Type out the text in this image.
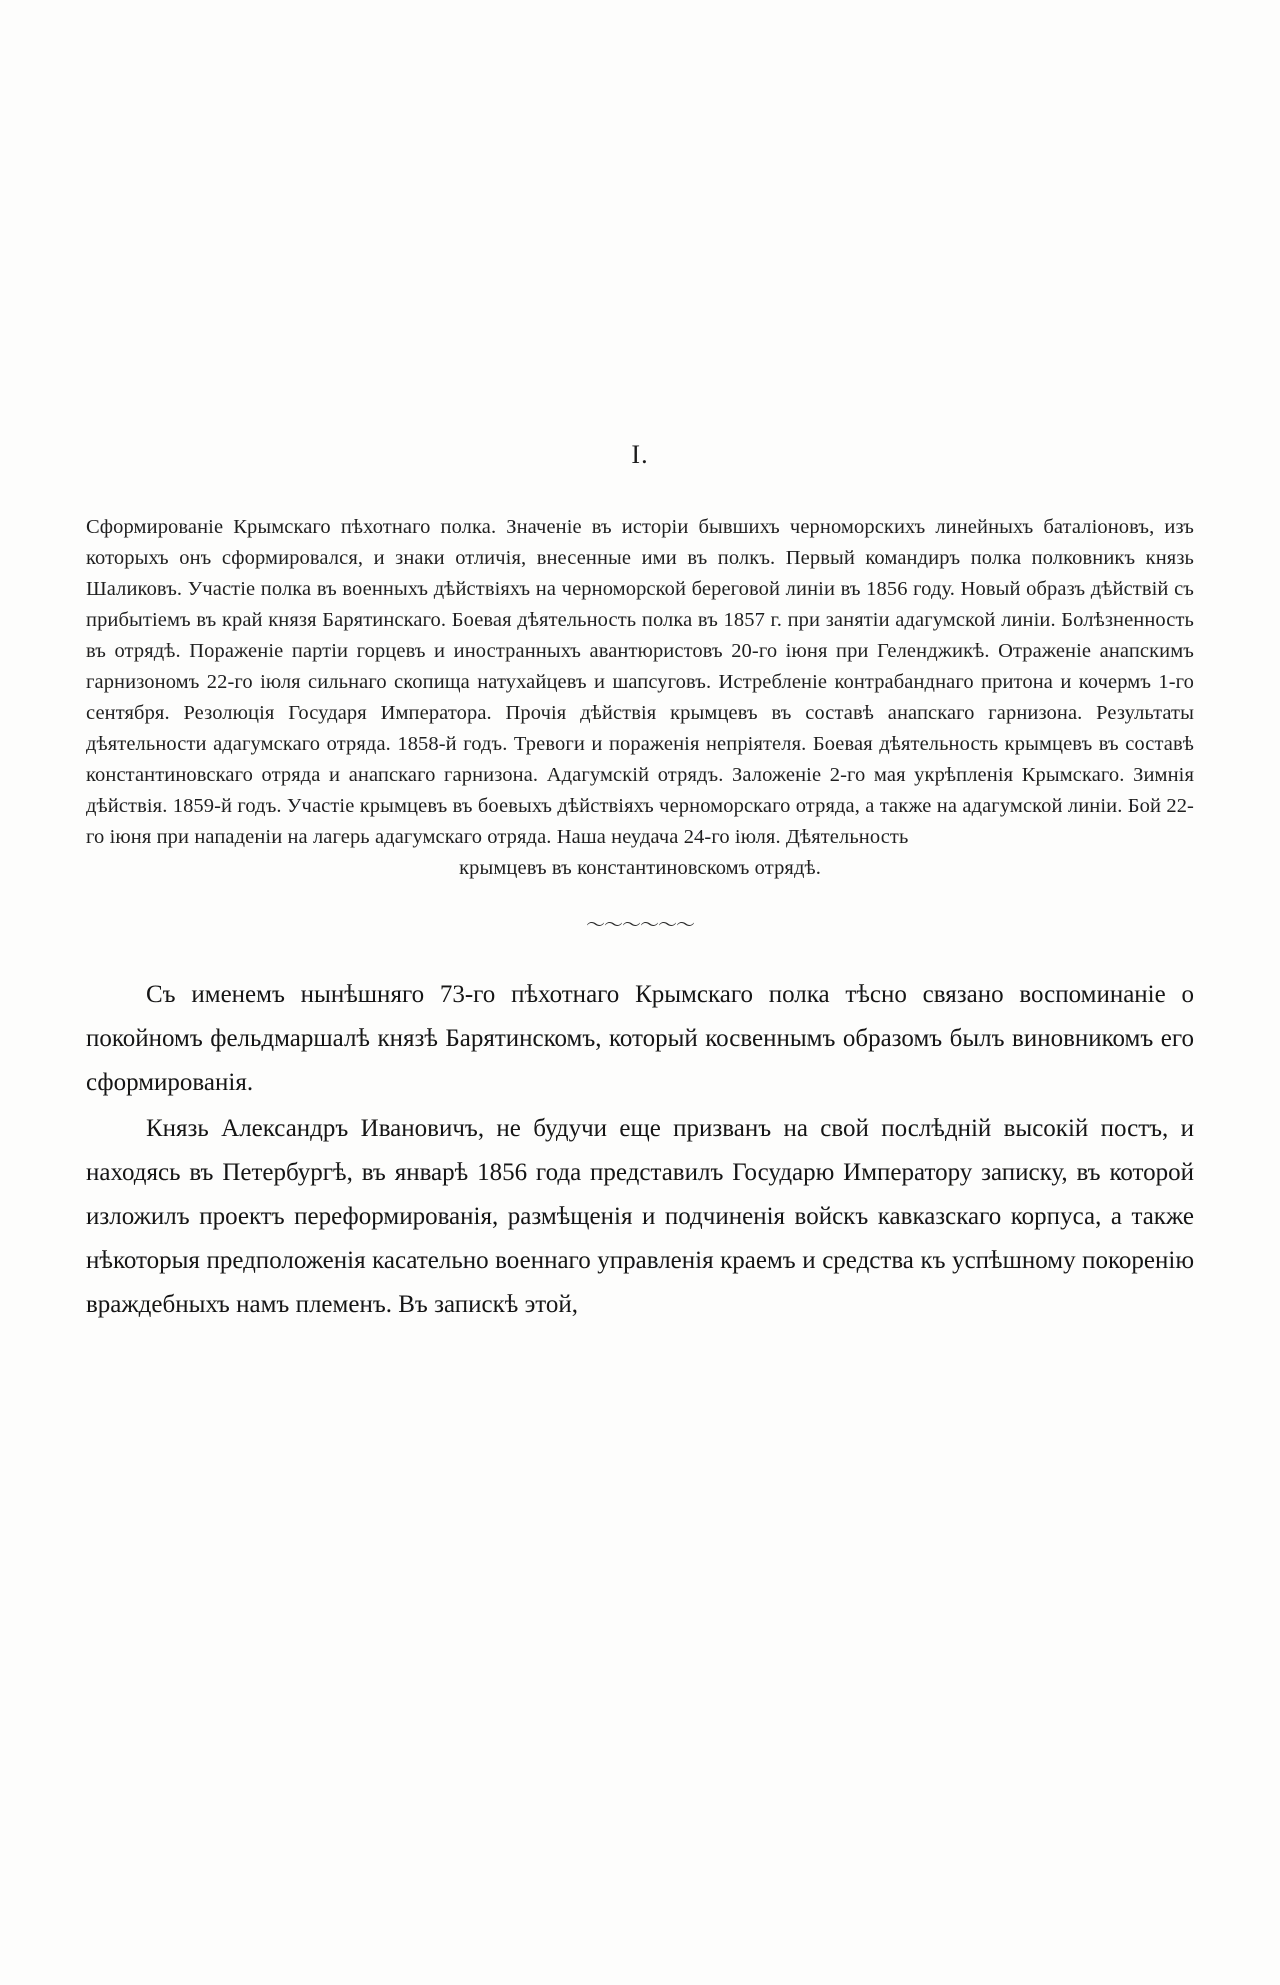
I.

Сформированіе Крымскаго пѣхотнаго полка. Значеніе въ исторіи бывшихъ черноморскихъ линейныхъ баталіоновъ, изъ которыхъ онъ сформировался, и знаки отличія, внесенные ими въ полкъ. Первый командиръ полка полковникъ князь Шаликовъ. Участіе полка въ военныхъ дѣйствіяхъ на черноморской береговой линіи въ 1856 году. Новый образъ дѣйствій съ прибытіемъ въ край князя Барятинскаго. Боевая дѣятельность полка въ 1857 г. при занятіи адагумской линіи. Болѣзненность въ отрядѣ. Пораженіе партіи горцевъ и иностранныхъ авантюристовъ 20-го іюня при Геленджикѣ. Отраженіе анапскимъ гарнизономъ 22-го іюля сильнаго скопища натухайцевъ и шапсуговъ. Истребленіе контрабанднаго притона и кочермъ 1-го сентября. Резолюція Государя Императора. Прочія дѣйствія крымцевъ въ составѣ анапскаго гарнизона. Результаты дѣятельности адагумскаго отряда. 1858-й годъ. Тревоги и пораженія непріятеля. Боевая дѣятельность крымцевъ въ составѣ константиновскаго отряда и анапскаго гарнизона. Адагумскій отрядъ. Заложеніе 2-го мая укрѣпленія Крымскаго. Зимнія дѣйствія. 1859-й годъ. Участіе крымцевъ въ боевыхъ дѣйствіяхъ черноморскаго отряда, а также на адагумской линіи. Бой 22-го іюня при нападеніи на лагерь адагумскаго отряда. Наша неудача 24-го іюля. Дѣятельность

крымцевъ въ константиновскомъ отрядѣ.
〜〜〜〜〜〜

Съ именемъ нынѣшняго 73-го пѣхотнаго Крымскаго полка тѣсно связано воспоминаніе о покойномъ фельдмаршалѣ князѣ Барятинскомъ, который косвеннымъ образомъ былъ виновникомъ его сформированія.

Князь Александръ Ивановичъ, не будучи еще призванъ на свой послѣдній высокій постъ, и находясь въ Петербургѣ, въ январѣ 1856 года представилъ Государю Императору записку, въ которой изложилъ проектъ переформированія, размѣщенія и подчиненія войскъ кавказскаго корпуса, а также нѣкоторыя предположенія касательно военнаго управленія краемъ и средства къ успѣшному покоренію враждебныхъ намъ племенъ. Въ запискѣ этой,
